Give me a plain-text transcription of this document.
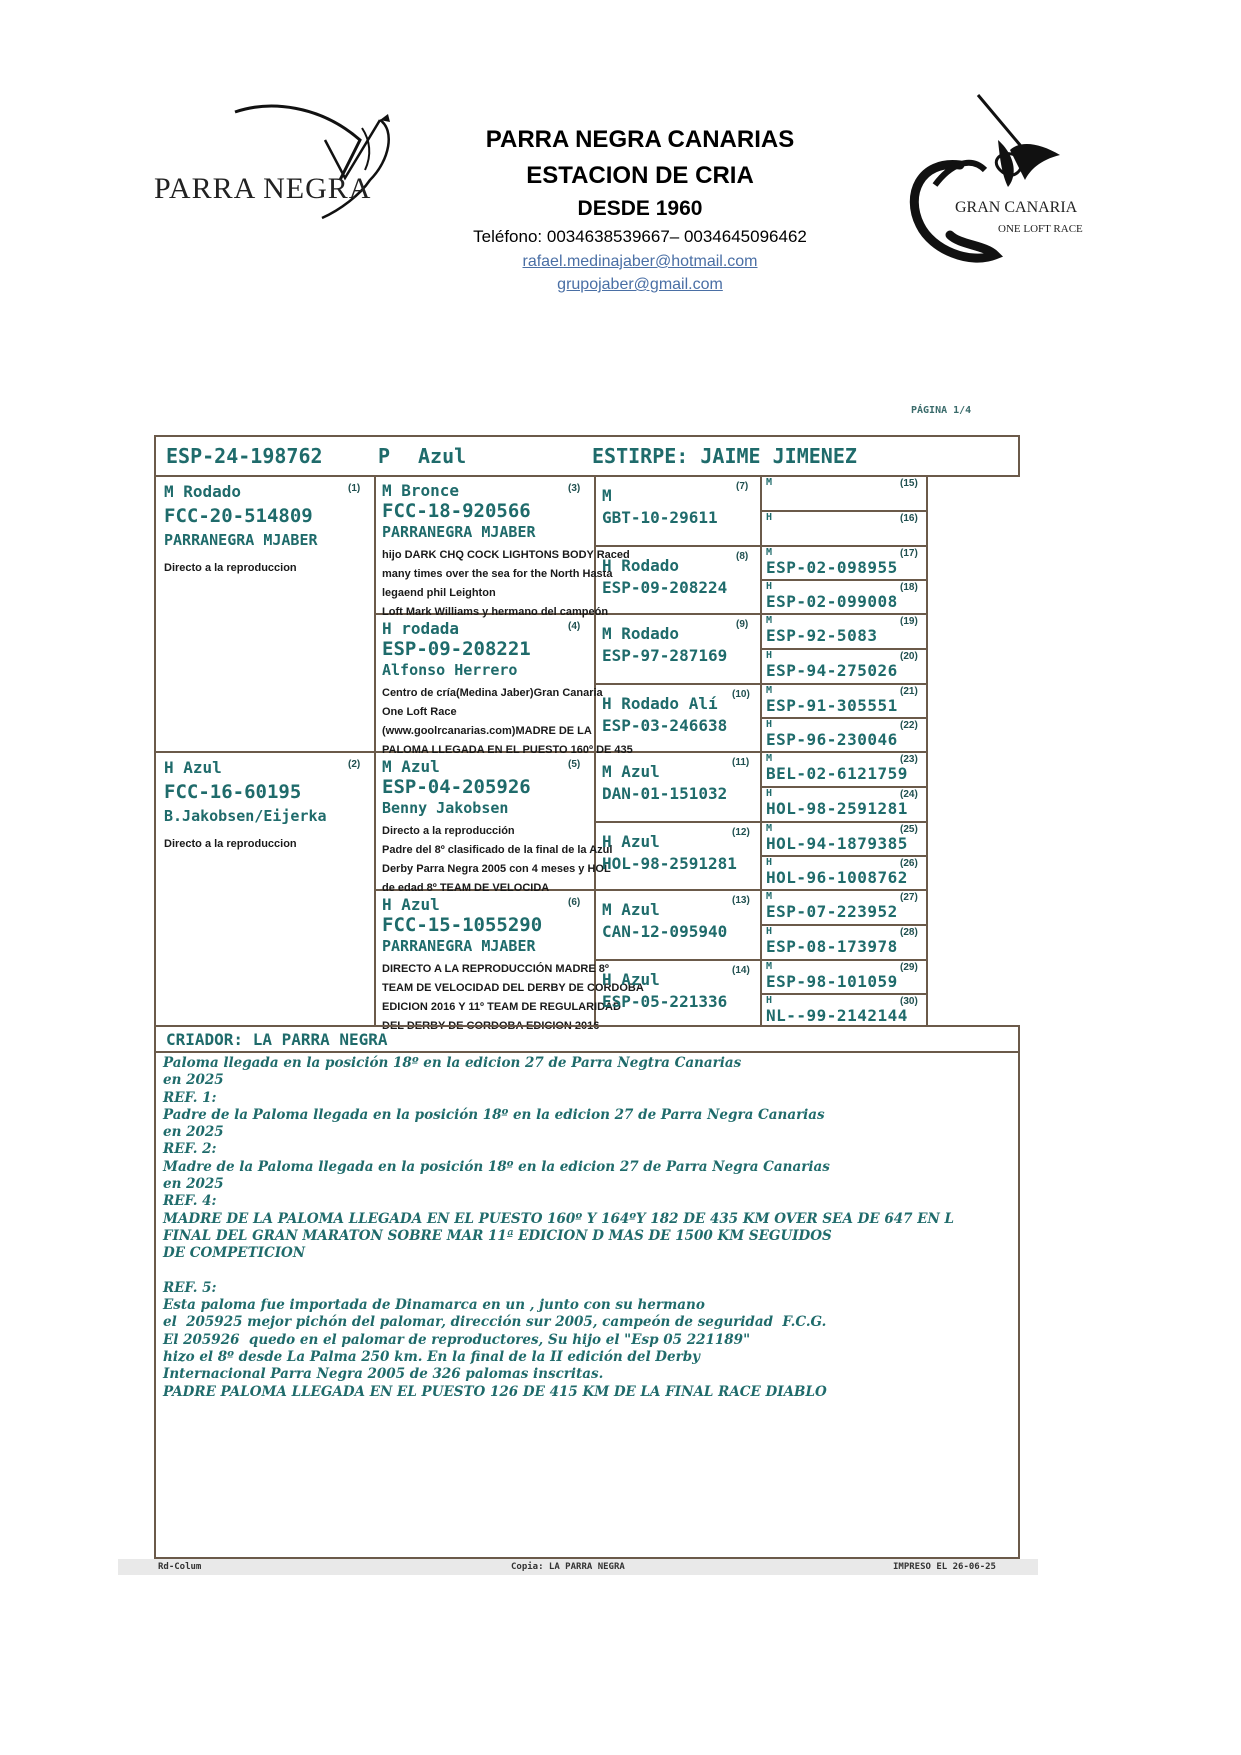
PARRA NEGRA
PARRA NEGRA CANARIAS
ESTACION DE CRIA
DESDE 1960
Teléfono: 0034638539667– 0034645096462
rafael.medinajaber@hotmail.com
grupojaber@gmail.com
GRAN CANARIA
ONE LOFT RACE
PÁGINA 1/4
ESP-24-198762	P Azul	ESTIRPE: JAIME JIMENEZ
(1)
M Rodado
FCC-20-514809
PARRANEGRA MJABER
Directo a la reproduccion
(2)
H Azul
FCC-16-60195
B.Jakobsen/Eijerka
Directo a la reproduccion
(3)
M Bronce
FCC-18-920566
PARRANEGRA MJABER
hijo DARK CHQ COCK LIGHTONS BODY Raced
many times over the sea for the North Hasta
legaend phil Leighton
Loft Mark Williams y hermano del campeón
(4)
H rodada
ESP-09-208221
Alfonso Herrero
Centro de cría(Medina Jaber)Gran Canaria
One Loft Race
(www.goolrcanarias.com)MADRE DE LA
PALOMA LLEGADA EN EL PUESTO 160º DE 435
(5)
M Azul
ESP-04-205926
Benny Jakobsen
Directo a la reproducción
Padre del 8º clasificado de la final de la Azul
Derby Parra Negra 2005 con 4 meses y HOL
de edad 8º TEAM DE VELOCIDA
(6)
H Azul
FCC-15-1055290
PARRANEGRA MJABER
DIRECTO A LA REPRODUCCIÓN MADRE 8º
TEAM DE VELOCIDAD DEL DERBY DE CORDOBA
EDICION 2016 Y 11º TEAM DE REGULARIDAD
DEL DERBY DE CORDOBA EDICION 2016
(7)
M
GBT-10-29611
(8)
H Rodado
ESP-09-208224
(9)
M Rodado
ESP-97-287169
(10)
H Rodado Alí
ESP-03-246638
(11)
M Azul
DAN-01-151032
(12)
H Azul
HOL-98-2591281
(13)
M Azul
CAN-12-095940
(14)
H Azul
ESP-05-221336
(15)
M
(16)
H
(17)
M
ESP-02-098955
(18)
H
ESP-02-099008
(19)
M
ESP-92-5083
(20)
H
ESP-94-275026
(21)
M
ESP-91-305551
(22)
H
ESP-96-230046
(23)
M
BEL-02-6121759
(24)
H
HOL-98-2591281
(25)
M
HOL-94-1879385
(26)
H
HOL-96-1008762
(27)
M
ESP-07-223952
(28)
H
ESP-08-173978
(29)
M
ESP-98-101059
(30)
H
NL--99-2142144
CRIADOR: LA PARRA NEGRA
Paloma llegada en la posición 18º en la edicion 27 de Parra Negtra Canarias
en 2025
REF. 1:
Padre de la Paloma llegada en la posición 18º en la edicion 27 de Parra Negra Canarias
en 2025
REF. 2:
Madre de la Paloma llegada en la posición 18º en la edicion 27 de Parra Negra Canarias
en 2025
REF. 4:
MADRE DE LA PALOMA LLEGADA EN EL PUESTO 160º Y 164ºY 182 DE 435 KM OVER SEA DE 647 EN L
FINAL DEL GRAN MARATON SOBRE MAR 11ª EDICION D MAS DE 1500 KM SEGUIDOS
DE COMPETICION

REF. 5:
Esta paloma fue importada de Dinamarca en un , junto con su hermano
el  205925 mejor pichón del palomar, dirección sur 2005, campeón de seguridad  F.C.G.
El 205926  quedo en el palomar de reproductores, Su hijo el "Esp 05 221189"
hizo el 8º desde La Palma 250 km. En la final de la II edición del Derby
Internacional Parra Negra 2005 de 326 palomas inscritas.
PADRE PALOMA LLEGADA EN EL PUESTO 126 DE 415 KM DE LA FINAL RACE DIABLO
Rd-Colum	Copia: LA PARRA NEGRA	IMPRESO EL 26-06-25
